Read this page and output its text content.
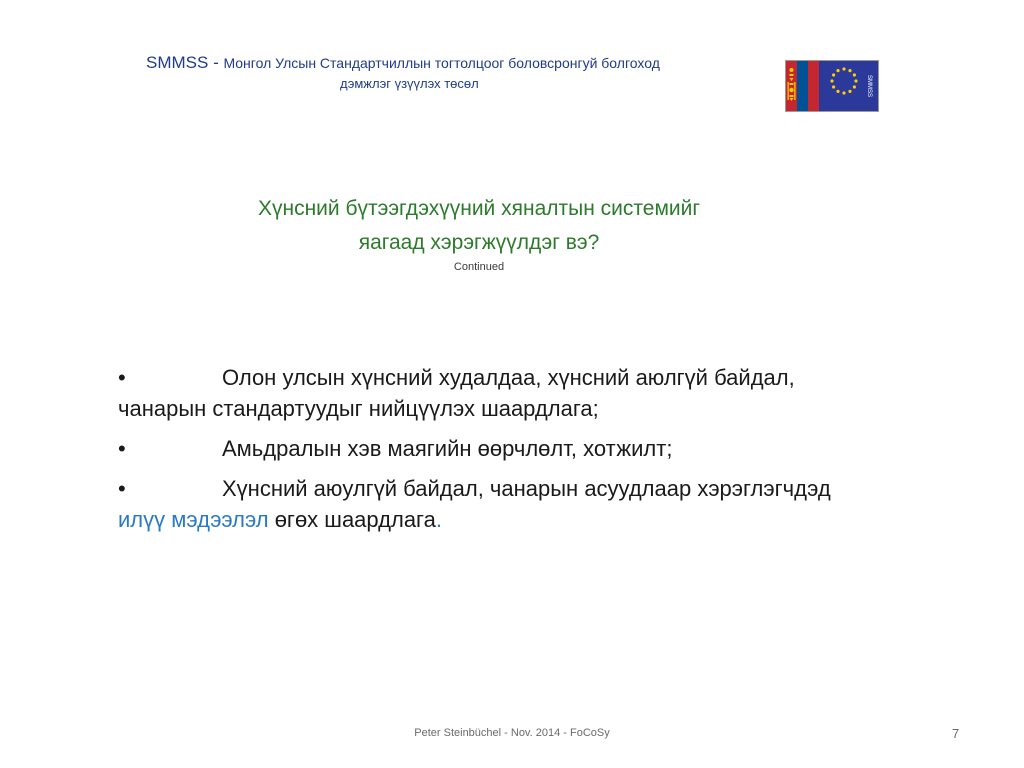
SMMSS - Монгол Улсын Стандартчиллын тогтолцоог боловсронгуй болгоход
дэмжлэг үзүүлэх төсөл	SMMSS
Хүнсний бүтээгдэхүүний хяналтын системийг
яагаад хэрэгжүүлдэг вэ?
Continued
•	Олон улсын хүнсний худалдаа, хүнсний аюлгүй байдал, чанарын стандартуудыг нийцүүлэх шаардлага;
•	Амьдралын хэв маягийн өөрчлөлт, хотжилт;
•	Хүнсний аюулгүй байдал, чанарын асуудлаар хэрэглэгчдэд илүү мэдээлэл өгөх шаардлага.
Peter Steinbüchel - Nov. 2014 - FoCoSy	7
